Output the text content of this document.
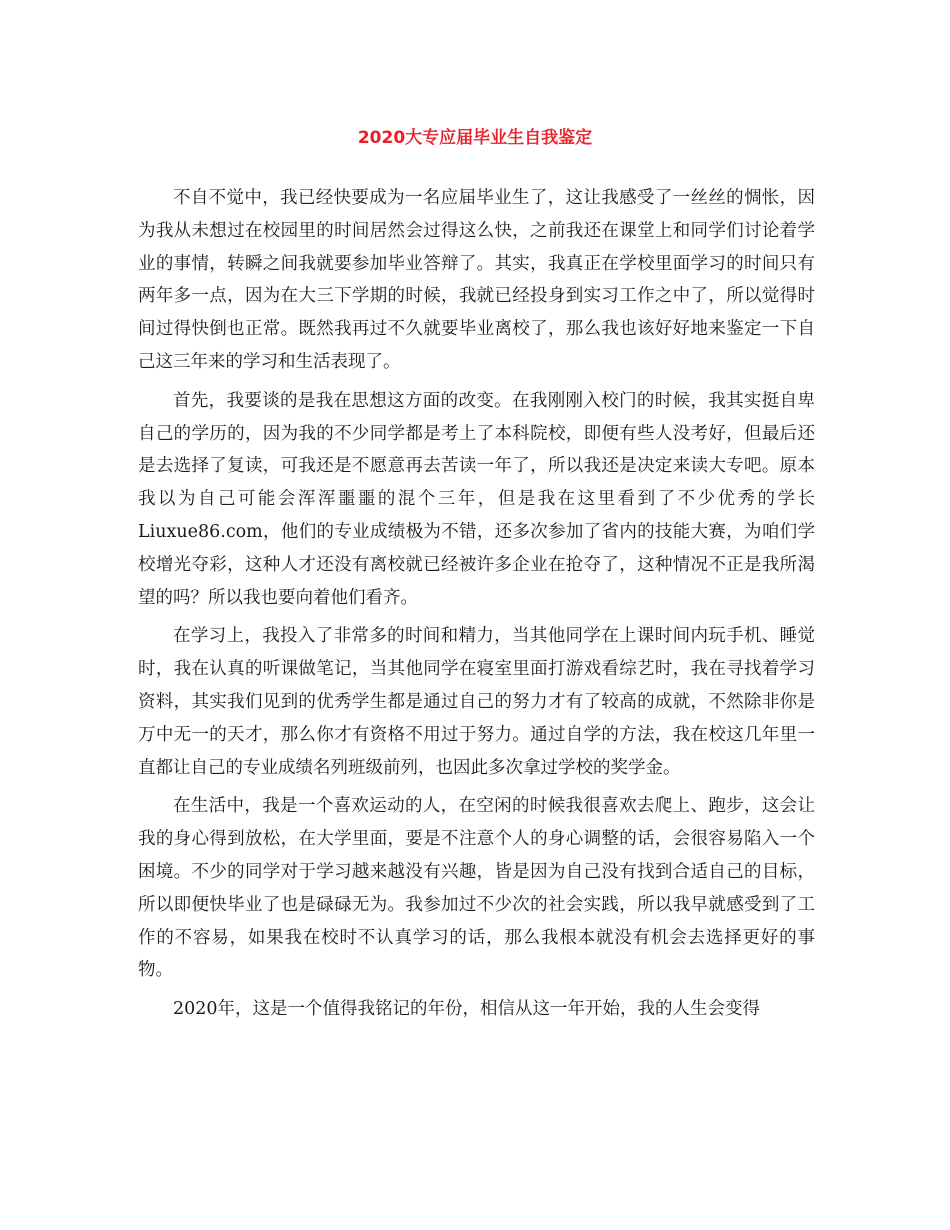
2020大专应届毕业生自我鉴定

不自不觉中，我已经快要成为一名应届毕业生了，这让我感受了一丝丝的惆怅，因为我从未想过在校园里的时间居然会过得这么快，之前我还在课堂上和同学们讨论着学业的事情，转瞬之间我就要参加毕业答辩了。其实，我真正在学校里面学习的时间只有两年多一点，因为在大三下学期的时候，我就已经投身到实习工作之中了，所以觉得时间过得快倒也正常。既然我再过不久就要毕业离校了，那么我也该好好地来鉴定一下自己这三年来的学习和生活表现了。

首先，我要谈的是我在思想这方面的改变。在我刚刚入校门的时候，我其实挺自卑自己的学历的，因为我的不少同学都是考上了本科院校，即便有些人没考好，但最后还是去选择了复读，可我还是不愿意再去苦读一年了，所以我还是决定来读大专吧。原本我以为自己可能会浑浑噩噩的混个三年，但是我在这里看到了不少优秀的学长Liuxue86.com，他们的专业成绩极为不错，还多次参加了省内的技能大赛，为咱们学校增光夺彩，这种人才还没有离校就已经被许多企业在抢夺了，这种情况不正是我所渴望的吗？所以我也要向着他们看齐。

在学习上，我投入了非常多的时间和精力，当其他同学在上课时间内玩手机、睡觉时，我在认真的听课做笔记，当其他同学在寝室里面打游戏看综艺时，我在寻找着学习资料，其实我们见到的优秀学生都是通过自己的努力才有了较高的成就，不然除非你是万中无一的天才，那么你才有资格不用过于努力。通过自学的方法，我在校这几年里一直都让自己的专业成绩名列班级前列，也因此多次拿过学校的奖学金。

在生活中，我是一个喜欢运动的人，在空闲的时候我很喜欢去爬上、跑步，这会让我的身心得到放松，在大学里面，要是不注意个人的身心调整的话，会很容易陷入一个困境。不少的同学对于学习越来越没有兴趣，皆是因为自己没有找到合适自己的目标，所以即便快毕业了也是碌碌无为。我参加过不少次的社会实践，所以我早就感受到了工作的不容易，如果我在校时不认真学习的话，那么我根本就没有机会去选择更好的事物。

2020年，这是一个值得我铭记的年份，相信从这一年开始，我的人生会变得
